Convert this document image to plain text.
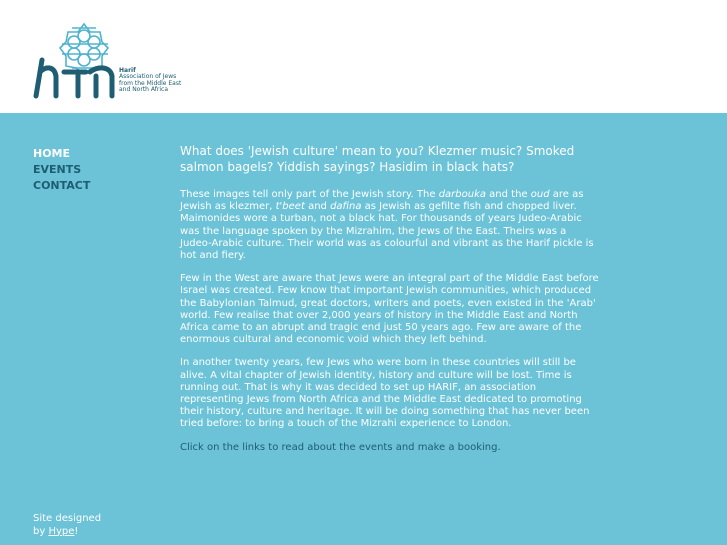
Harif
Association of Jews
from the Middle East
and North Africa
HOME
EVENTS
CONTACT

What does 'Jewish culture' mean to you? Klezmer music? Smoked salmon bagels? Yiddish sayings? Hasidim in black hats?

These images tell only part of the Jewish story. The darbouka and the oud are as Jewish as klezmer, t'beet and dafina as Jewish as gefilte fish and chopped liver. Maimonides wore a turban, not a black hat. For thousands of years Judeo-Arabic was the language spoken by the Mizrahim, the Jews of the East. Theirs was a Judeo-Arabic culture. Their world was as colourful and vibrant as the Harif pickle is hot and fiery.

Few in the West are aware that Jews were an integral part of the Middle East before Israel was created. Few know that important Jewish communities, which produced the Babylonian Talmud, great doctors, writers and poets, even existed in the 'Arab' world. Few realise that over 2,000 years of history in the Middle East and North Africa came to an abrupt and tragic end just 50 years ago. Few are aware of the enormous cultural and economic void which they left behind.

In another twenty years, few Jews who were born in these countries will still be alive. A vital chapter of Jewish identity, history and culture will be lost. Time is running out. That is why it was decided to set up HARIF, an association representing Jews from North Africa and the Middle East dedicated to promoting their history, culture and heritage. It will be doing something that has never been tried before: to bring a touch of the Mizrahi experience to London.

Click on the links to read about the events and make a booking.

Site designed
by Hype!
